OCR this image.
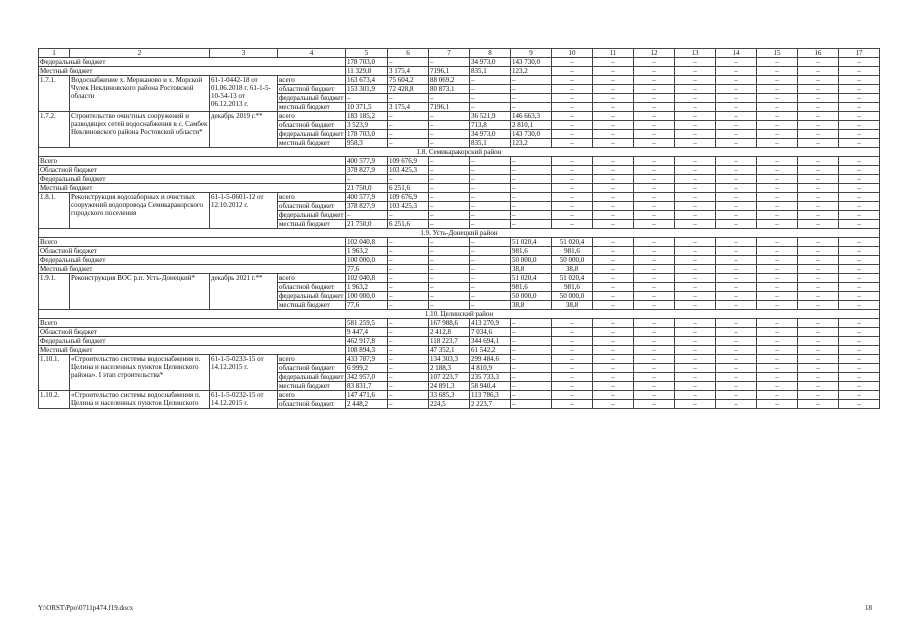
1	2	3	4	5	6	7	8	9	10	11	12	13	14	15	16	17
Федеральный бюджет				178 703,0	–	–	34 973,0	143 730,0	–	–	–	–	–	–	–	–
Местный бюджет				11 329,8	3 175,4	7196,1	835,1	123,2	–	–	–	–	–	–	–	–
1.7.1.	Водоснабжение х. Мержаново и х. Морской Чулек Неклиновского района Ростовской области	61-1-0442-18 от 01.06.2018 г. 61-1-5-10-54-13 от 06.12.2013 г.	всего	163 673,4	75 604,2	88 069,2	–	–	–	–	–	–	–	–	–	–
			областной бюджет	153 301,9	72 428,8	80 873,1	–	–	–	–	–	–	–	–	–	–
			федеральный бюджет	–	–	–	–	–	–	–	–	–	–	–	–	–
			местный бюджет	10 371,5	3 175,4	7196,1	–	–	–	–	–	–	–	–	–	–
1.7.2.	Строительство очистных сооружений и разводящих сетей водоснабжения в с. Самбек Неклиновского района Ростовской области*	декабрь 2019 г.**	всего	183 185,2	–	–	36 521,9	146 663,3	–	–	–	–	–	–	–	–
			областной бюджет	3 523,9	–	–	713,8	2 810,1	–	–	–	–	–	–	–	–
			федеральный бюджет	178 703,0	–	–	34 973,0	143 730,0	–	–	–	–	–	–	–	–
			местный бюджет	958,3	–	–	835,1	123,2	–	–	–	–	–	–	–	–
1.8. Семикаракорский район																
Всего				400 577,9	109 676,9	–	–	–	–	–	–	–	–	–	–	–
Областной бюджет				378 827,9	103 425,3	–	–	–	–	–	–	–	–	–	–	–
Федеральный бюджет				–	–	–	–	–	–	–	–	–	–	–	–	–
Местный бюджет				21 750,0	6 251,6	–	–	–	–	–	–	–	–	–	–	–
1.8.1.	Реконструкция водозаборных и очистных сооружений водопровода Семикаракорского городского поселения	61-1-5-0601-12 от 12.10.2012 г.	всего	400 577,9	109 676,9	–	–	–	–	–	–	–	–	–	–	–
			областной бюджет	378 827,9	103 425,3	–	–	–	–	–	–	–	–	–	–	–
			федеральный бюджет	–	–	–	–	–	–	–	–	–	–	–	–	–
			местный бюджет	21 750,0	6 251,6	–	–	–	–	–	–	–	–	–	–	–
1.9. Усть-Донецкий район																
Всего				102 040,8	–	–	–	51 020,4	51 020,4	–	–	–	–	–	–	–
Областной бюджет				1 963,2	–	–	–	981,6	981,6	–	–	–	–	–	–	–
Федеральный бюджет				100 000,0	–	–	–	50 000,0	50 000,0	–	–	–	–	–	–	–
Местный бюджет				77,6	–	–	–	38,8	38,8	–	–	–	–	–	–	–
1.9.1.	Реконструкция ВОС р.п. Усть-Донецкий*	декабрь 2021 г.**	всего	102 040,8	–	–	–	51 020,4	51 020,4	–	–	–	–	–	–	–
			областной бюджет	1 963,2	–	–	–	981,6	981,6	–	–	–	–	–	–	–
			федеральный бюджет	100 000,0	–	–	–	50 000,0	50 000,0	–	–	–	–	–	–	–
			местный бюджет	77,6	–	–	–	38,8	38,8	–	–	–	–	–	–	–
1.10. Целинский район																
Всего				581 259,5	–	167 988,6	413 270,9	–	–	–	–	–	–	–	–	–
Областной бюджет				9 447,4	–	2 412,8	7 034,6	–	–	–	–	–	–	–	–	–
Федеральный бюджет				462 917,8	–	118 223,7	344 694,1	–	–	–	–	–	–	–	–	–
Местный бюджет				108 894,3	–	47 352,1	61 542,2	–	–	–	–	–	–	–	–	–
1.10.1.	«Строительство системы водоснабжения п. Целина и населенных пунктов Целинского района». I этап строительства*	61-1-5-0233-15 от 14.12.2015 г.	всего	433 787,9	–	134 303,3	299 484,6	–	–	–	–	–	–	–	–	–
			областной бюджет	6 999,2	–	2 188,3	4 810,9	–	–	–	–	–	–	–	–	–
			федеральный бюджет	342 957,0	–	107 223,7	235 733,3	–	–	–	–	–	–	–	–	–
			местный бюджет	83 831,7	–	24 891,3	58 940,4	–	–	–	–	–	–	–	–	–
1.10.2.	«Строительство системы водоснабжения п. Целина и населенных пунктов Целинского	61-1-5-0232-15 от 14.12.2015 г.	всего	147 471,6	–	33 685,3	113 786,3	–	–	–	–	–	–	–	–	–
			областной бюджет	2 448,2	–	224,5	2 223,7	–	–	–	–	–	–	–	–	–
Y:\ORST\Ppo\0711p474.f19.docx	18
